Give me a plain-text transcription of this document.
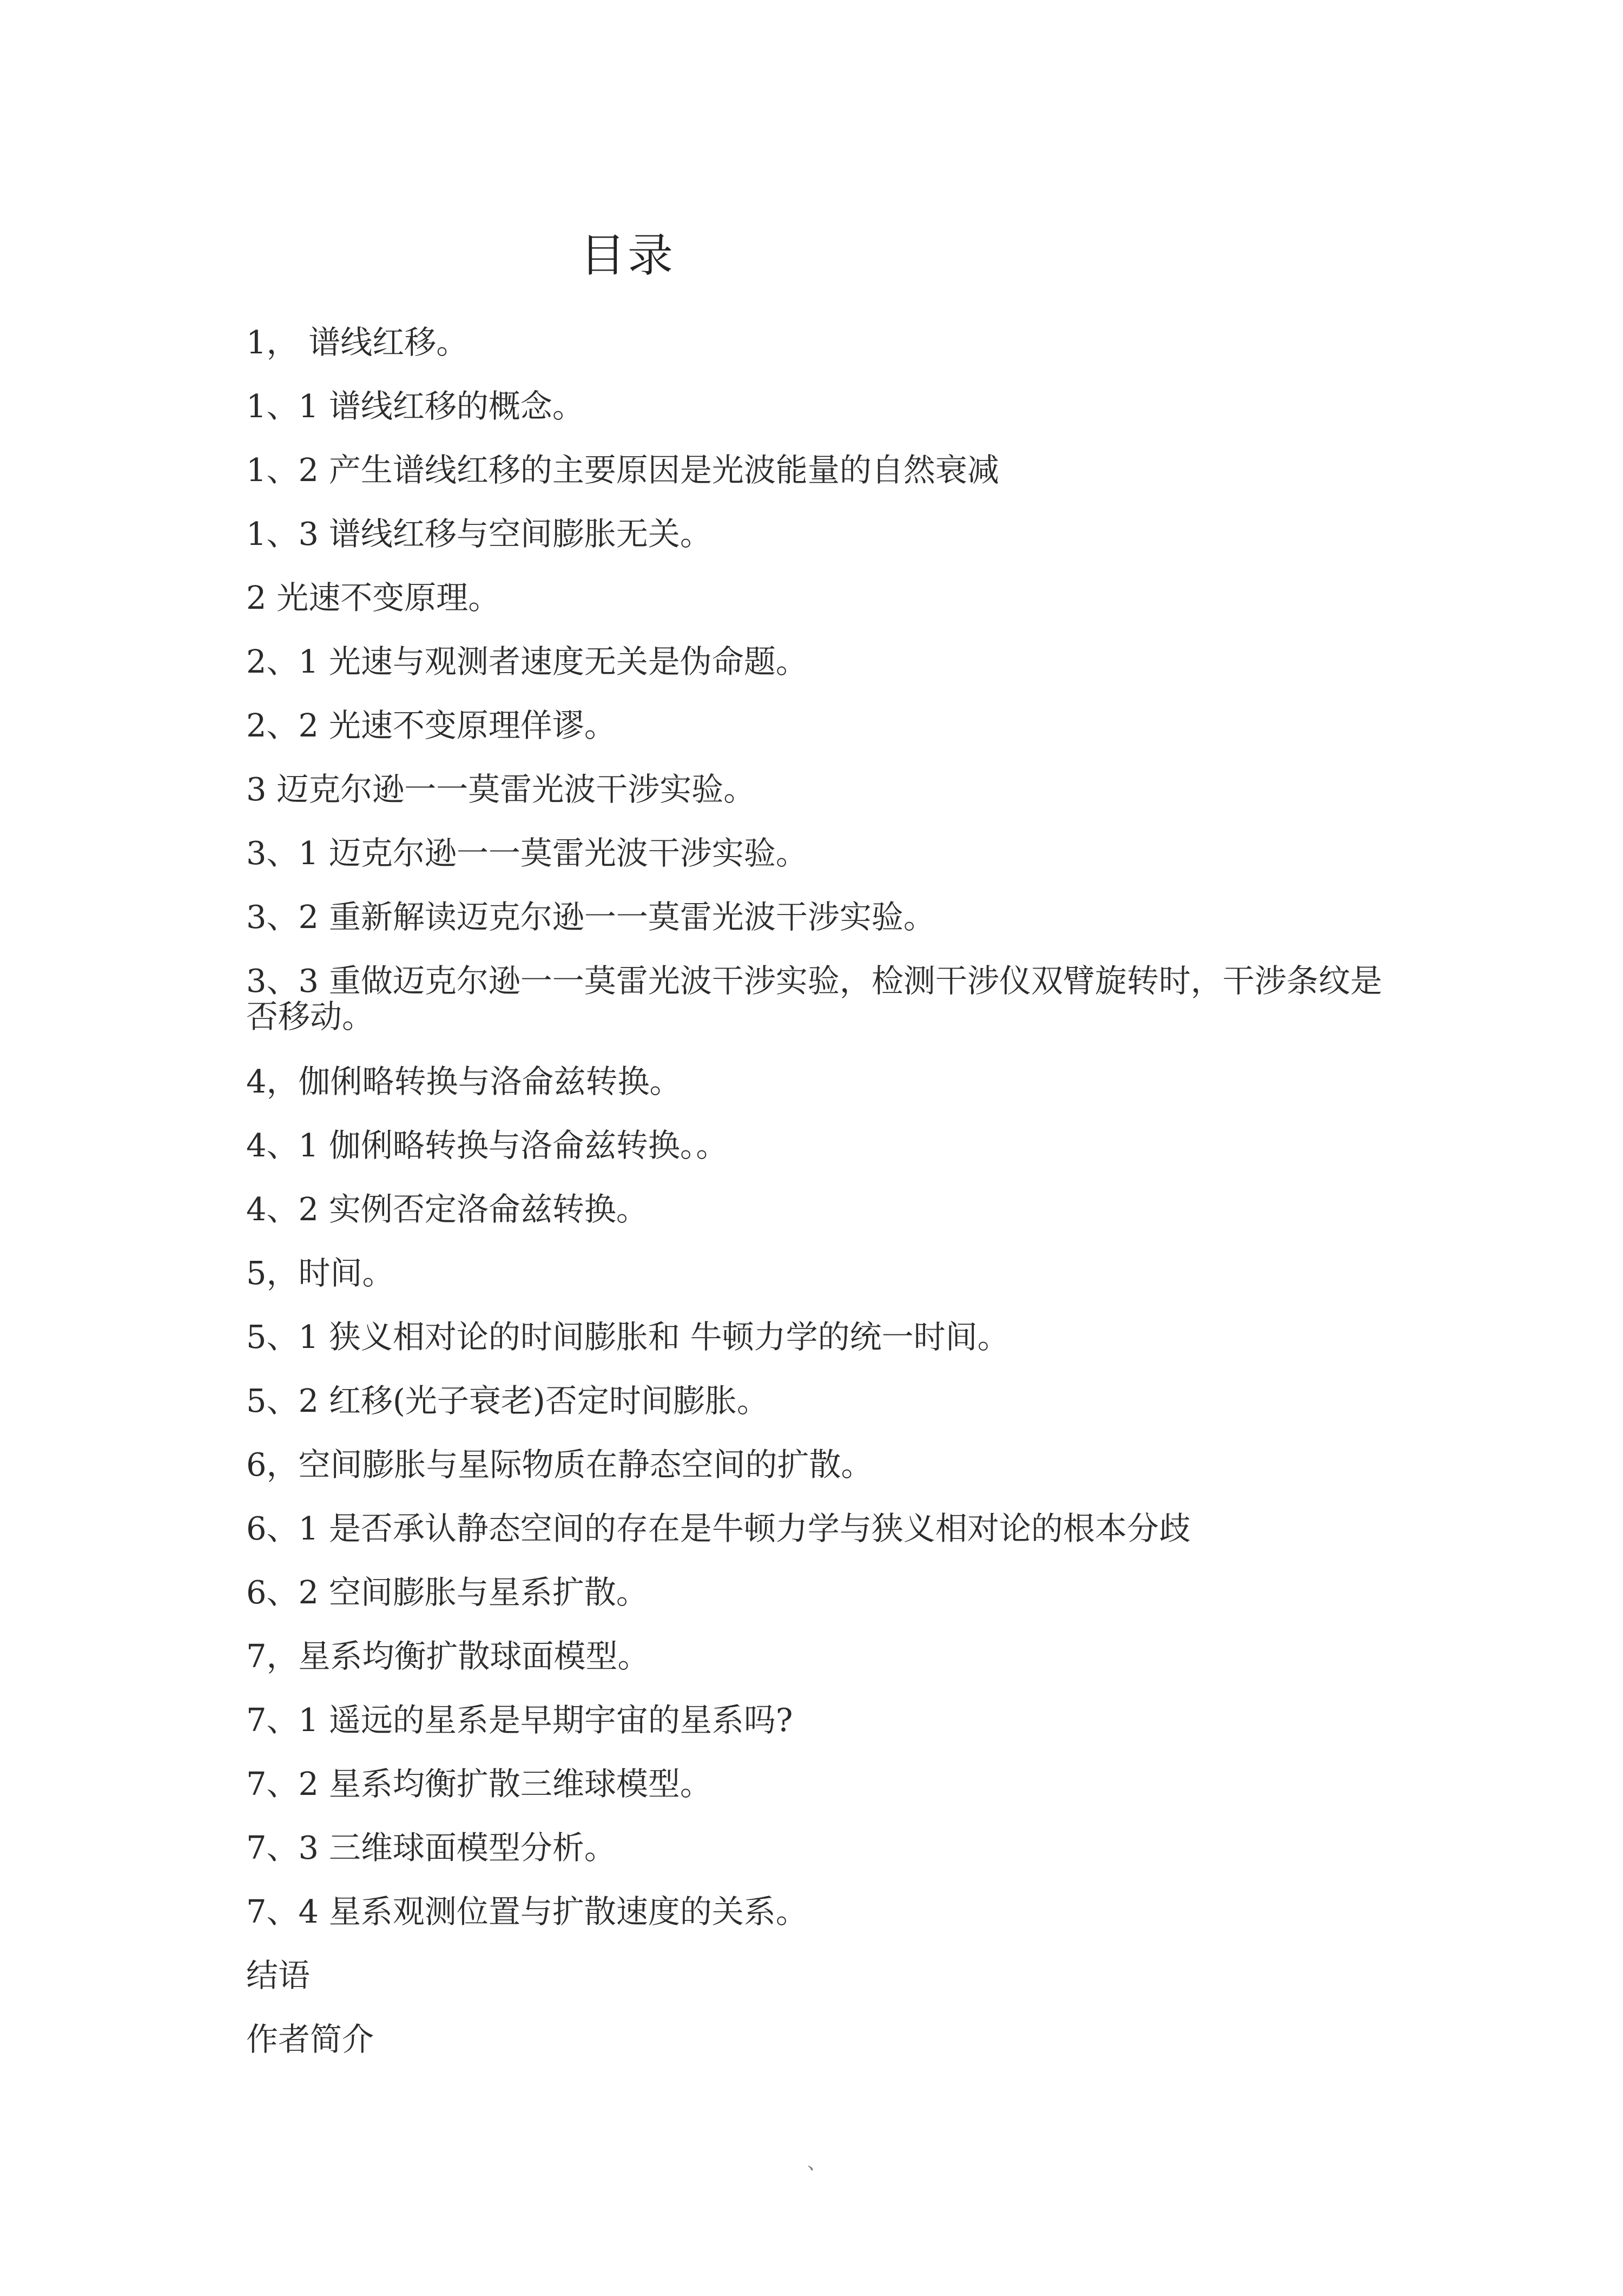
目录
1， 谱线红移。
1、1 谱线红移的概念。
1、2 产生谱线红移的主要原因是光波能量的自然衰减
1、3 谱线红移与空间膨胀无关。
2 光速不变原理。
2、1 光速与观测者速度无关是伪命题。
2、2 光速不变原理佯谬。
3 迈克尔逊一一莫雷光波干涉实验。
3、1 迈克尔逊一一莫雷光波干涉实验。
3、2 重新解读迈克尔逊一一莫雷光波干涉实验。
3、3 重做迈克尔逊一一莫雷光波干涉实验，检测干涉仪双臂旋转时，干涉条纹是否移动。
4，伽俐略转换与洛侖兹转换。
4、1 伽俐略转换与洛侖兹转换。。
4、2 实例否定洛侖兹转换。
5，时间。
5、1 狭义相对论的时间膨胀和 牛顿力学的统一时间。
5、2 红移(光子衰老)否定时间膨胀。
6，空间膨胀与星际物质在静态空间的扩散。
6、1 是否承认静态空间的存在是牛顿力学与狭义相对论的根本分歧
6、2 空间膨胀与星系扩散。
7，星系均衡扩散球面模型。
7、1 遥远的星系是早期宇宙的星系吗?
7、2 星系均衡扩散三维球模型。
7、3 三维球面模型分析。
7、4 星系观测位置与扩散速度的关系。
结语
作者简介
、
